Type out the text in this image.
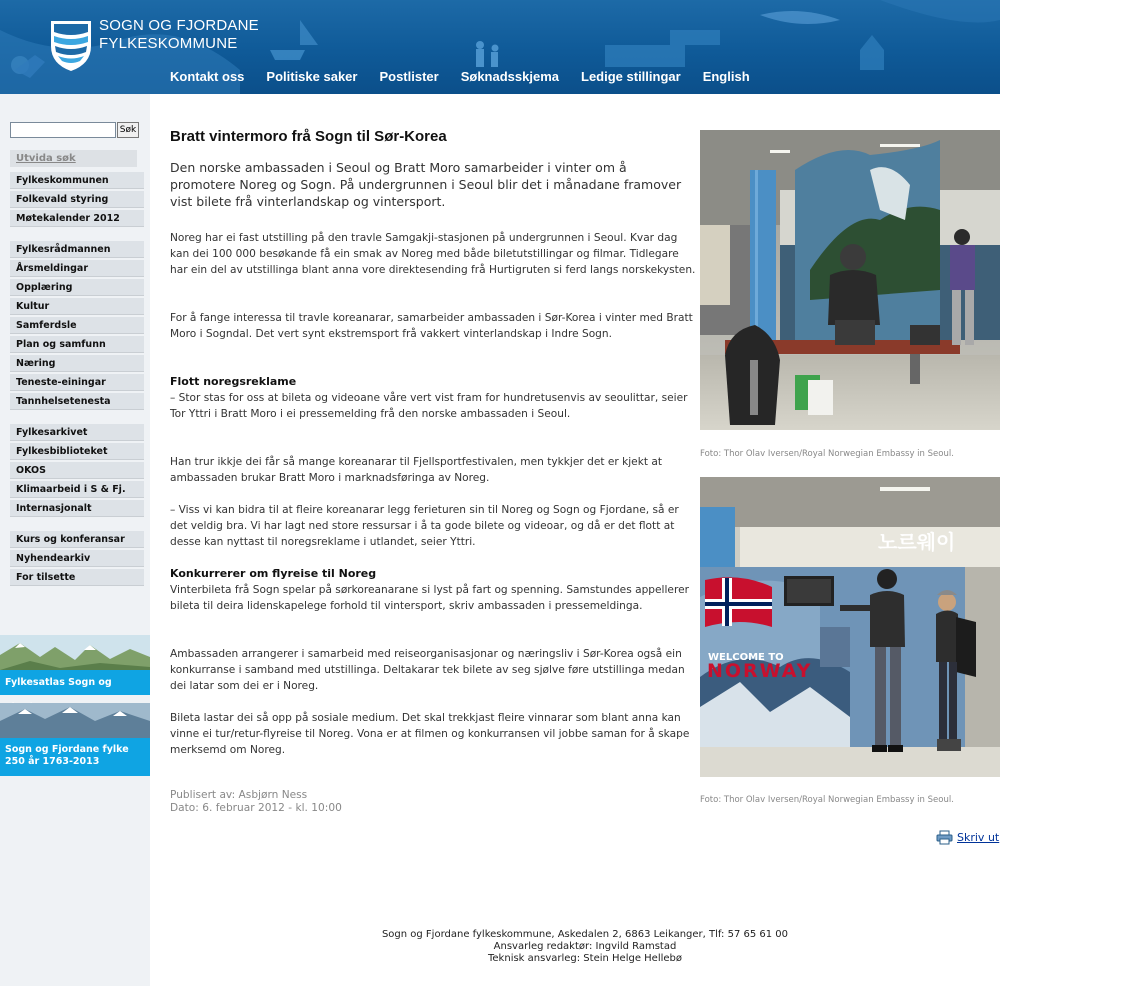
SOGN OG FJORDANE
FYLKESKOMMUNE
Kontakt oss Politiske saker Postlister Søknadsskjema Ledige stillingar English
Søk
Utvida søk
Fylkeskommunen
Folkevald styring
Møtekalender 2012
Fylkesrådmannen
Årsmeldingar
Opplæring
Kultur
Samferdsle
Plan og samfunn
Næring
Teneste-einingar
Tannhelsetenesta
Fylkesarkivet
Fylkesbiblioteket
OKOS
Klimaarbeid i S & Fj.
Internasjonalt
Kurs og konferansar
Nyhendearkiv
For tilsette
Fylkesatlas Sogn og
Sogn og Fjordane fylke
250 år 1763-2013
Bratt vintermoro frå Sogn til Sør-Korea

Den norske ambassaden i Seoul og Bratt Moro samarbeider i vinter om å promotere Noreg og Sogn. På undergrunnen i Seoul blir det i månadane framover vist bilete frå vinterlandskap og vintersport.

Noreg har ei fast utstilling på den travle Samgakji-stasjonen på undergrunnen i Seoul. Kvar dag kan dei 100 000 besøkande få ein smak av Noreg med både biletutstillingar og filmar. Tidlegare har ein del av utstillinga blant anna vore direktesending frå Hurtigruten si ferd langs norskekysten.

For å fange interessa til travle koreanarar, samarbeider ambassaden i Sør-Korea i vinter med Bratt Moro i Sogndal. Det vert synt ekstremsport frå vakkert vinterlandskap i Indre Sogn.

Flott noregsreklame
– Stor stas for oss at bileta og videoane våre vert vist fram for hundretusenvis av seoulittar, seier Tor Yttri i Bratt Moro i ei pressemelding frå den norske ambassaden i Seoul.

Han trur ikkje dei får så mange koreanarar til Fjellsportfestivalen, men tykkjer det er kjekt at ambassaden brukar Bratt Moro i marknadsføringa av Noreg.

– Viss vi kan bidra til at fleire koreanarar legg ferieturen sin til Noreg og Sogn og Fjordane, så er det veldig bra. Vi har lagt ned store ressursar i å ta gode bilete og videoar, og då er det flott at desse kan nyttast til noregsreklame i utlandet, seier Yttri.

Konkurrerer om flyreise til Noreg
Vinterbileta frå Sogn spelar på sørkoreanarane si lyst på fart og spenning. Samstundes appellerer bileta til deira lidenskapelege forhold til vintersport, skriv ambassaden i pressemeldinga.

Ambassaden arrangerer i samarbeid med reiseorganisasjonar og næringsliv i Sør-Korea også ein konkurranse i samband med utstillinga. Deltakarar tek bilete av seg sjølve føre utstillinga medan dei latar som dei er i Noreg.

Bileta lastar dei så opp på sosiale medium. Det skal trekkjast fleire vinnarar som blant anna kan vinne ei tur/retur-flyreise til Noreg. Vona er at filmen og konkurransen vil jobbe saman for å skape merksemd om Noreg.

Publisert av: Asbjørn Ness
Dato: 6. februar 2012 - kl. 10:00
Foto: Thor Olav Iversen/Royal Norwegian Embassy in Seoul.
노르웨이
WELCOME TO
NORWAY
Foto: Thor Olav Iversen/Royal Norwegian Embassy in Seoul.
Skriv ut
Sogn og Fjordane fylkeskommune, Askedalen 2, 6863 Leikanger, Tlf: 57 65 61 00
Ansvarleg redaktør: Ingvild Ramstad
Teknisk ansvarleg: Stein Helge Hellebø
